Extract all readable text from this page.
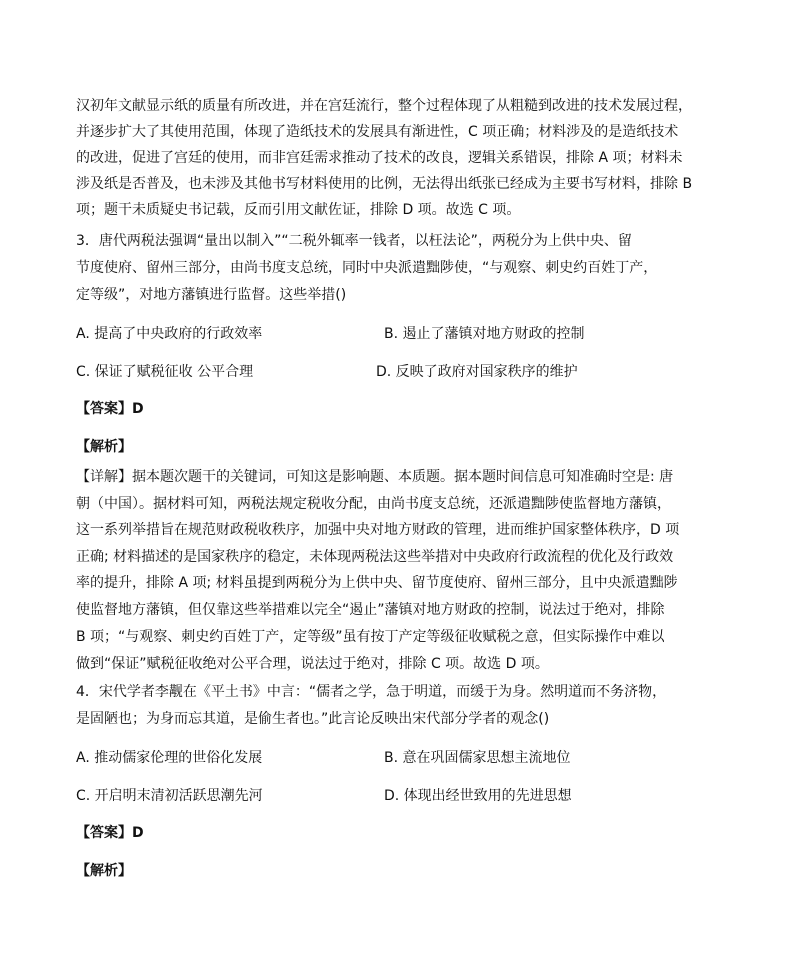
汉初年文献显示纸的质量有所改进，并在宫廷流行，整个过程体现了从粗糙到改进的技术发展过程，
并逐步扩大了其使用范围，体现了造纸技术的发展具有渐进性，C 项正确；材料涉及的是造纸技术
的改进，促进了宫廷的使用，而非宫廷需求推动了技术的改良，逻辑关系错误，排除 A 项；材料未
涉及纸是否普及，也未涉及其他书写材料使用的比例，无法得出纸张已经成为主要书写材料，排除 B
项；题干未质疑史书记载，反而引用文献佐证，排除 D 项。故选 C 项。
3．唐代两税法强调“量出以制入”“二税外辄率一钱者，以枉法论”，两税分为上供中央、留
节度使府、留州三部分，由尚书度支总统，同时中央派遣黜陟使，“与观察、刺史约百姓丁产，
定等级”，对地方藩镇进行监督。这些举措()
A. 提高了中央政府的行政效率	B. 遏止了藩镇对地方财政的控制
C. 保证了赋税征收 公平合理	D. 反映了政府对国家秩序的维护
【答案】D
【解析】
【详解】据本题次题干的关键词，可知这是影响题、本质题。据本题时间信息可知准确时空是: 唐
朝（中国）。据材料可知，两税法规定税收分配，由尚书度支总统，还派遣黜陟使监督地方藩镇，
这一系列举措旨在规范财政税收秩序，加强中央对地方财政的管理，进而维护国家整体秩序，D 项
正确; 材料描述的是国家秩序的稳定，未体现两税法这些举措对中央政府行政流程的优化及行政效
率的提升，排除 A 项; 材料虽提到两税分为上供中央、留节度使府、留州三部分，且中央派遣黜陟
使监督地方藩镇，但仅靠这些举措难以完全“遏止”藩镇对地方财政的控制，说法过于绝对，排除
B 项；“与观察、刺史约百姓丁产，定等级”虽有按丁产定等级征收赋税之意，但实际操作中难以
做到“保证”赋税征收绝对公平合理，说法过于绝对，排除 C 项。故选 D 项。
4．宋代学者李觏在《平土书》中言：“儒者之学，急于明道，而缓于为身。然明道而不务济物，
是固陋也；为身而忘其道，是偷生者也。”此言论反映出宋代部分学者的观念()
A. 推动儒家伦理的世俗化发展	B. 意在巩固儒家思想主流地位
C. 开启明末清初活跃思潮先河	D. 体现出经世致用的先进思想
【答案】D
【解析】
